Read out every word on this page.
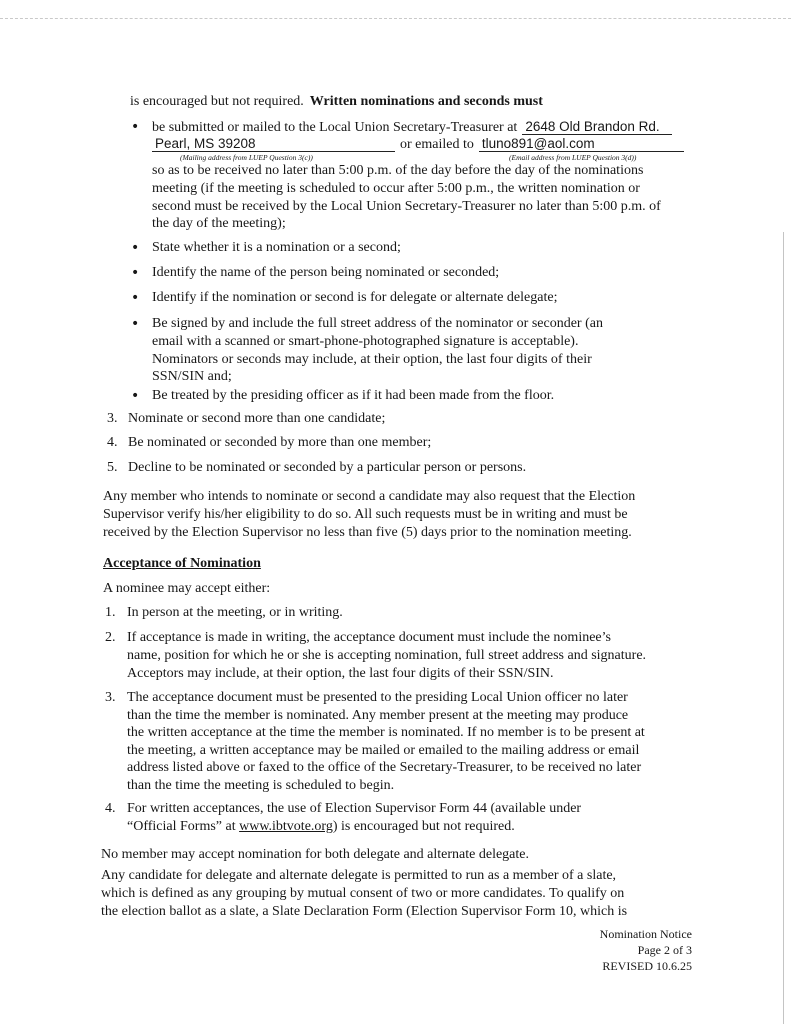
is encouraged but not required. Written nominations and seconds must
• be submitted or mailed to the Local Union Secretary-Treasurer at 2648 Old Brandon Rd.
Pearl, MS 39208	or emailed to tluno891@aol.com
(Mailing address from LUEP Question 3(c))	(Email address from LUEP Question 3(d))
so as to be received no later than 5:00 p.m. of the day before the day of the nominations
meeting (if the meeting is scheduled to occur after 5:00 p.m., the written nomination or
second must be received by the Local Union Secretary-Treasurer no later than 5:00 p.m. of
the day of the meeting);
• State whether it is a nomination or a second;
• Identify the name of the person being nominated or seconded;
• Identify if the nomination or second is for delegate or alternate delegate;
• Be signed by and include the full street address of the nominator or seconder (an
email with a scanned or smart-phone-photographed signature is acceptable).
Nominators or seconds may include, at their option, the last four digits of their
SSN/SIN and;
• Be treated by the presiding officer as if it had been made from the floor.
3. Nominate or second more than one candidate;
4. Be nominated or seconded by more than one member;
5. Decline to be nominated or seconded by a particular person or persons.
Any member who intends to nominate or second a candidate may also request that the Election
Supervisor verify his/her eligibility to do so. All such requests must be in writing and must be
received by the Election Supervisor no less than five (5) days prior to the nomination meeting.
Acceptance of Nomination
A nominee may accept either:
1. In person at the meeting, or in writing.
2. If acceptance is made in writing, the acceptance document must include the nominee’s
name, position for which he or she is accepting nomination, full street address and signature.
Acceptors may include, at their option, the last four digits of their SSN/SIN.
3. The acceptance document must be presented to the presiding Local Union officer no later
than the time the member is nominated. Any member present at the meeting may produce
the written acceptance at the time the member is nominated. If no member is to be present at
the meeting, a written acceptance may be mailed or emailed to the mailing address or email
address listed above or faxed to the office of the Secretary-Treasurer, to be received no later
than the time the meeting is scheduled to begin.
4. For written acceptances, the use of Election Supervisor Form 44 (available under
“Official Forms” at www.ibtvote.org) is encouraged but not required.
No member may accept nomination for both delegate and alternate delegate.
Any candidate for delegate and alternate delegate is permitted to run as a member of a slate,
which is defined as any grouping by mutual consent of two or more candidates. To qualify on
the election ballot as a slate, a Slate Declaration Form (Election Supervisor Form 10, which is
Nomination Notice
Page 2 of 3
REVISED 10.6.25
